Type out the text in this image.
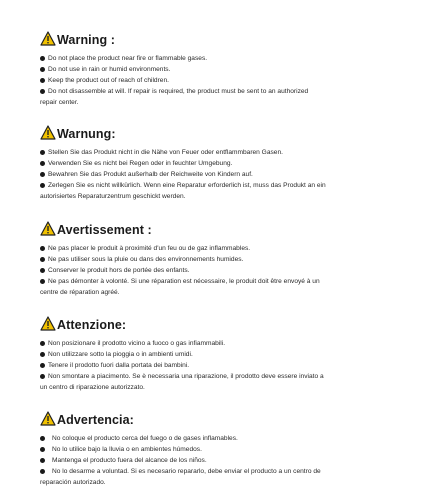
Warning :
Do not place the product near fire or flammable gases.
Do not use in rain or humid environments.
Keep the product out of reach of children.
Do not disassemble at will. If repair is required, the product must be sent to an authorized
repair center.
Warnung:
Stellen Sie das Produkt nicht in die Nähe von Feuer oder entflammbaren Gasen.
Verwenden Sie es nicht bei Regen oder in feuchter Umgebung.
Bewahren Sie das Produkt außerhalb der Reichweite von Kindern auf.
Zerlegen Sie es nicht willkürlich. Wenn eine Reparatur erforderlich ist, muss das Produkt an ein
autorisiertes Reparaturzentrum geschickt werden.
Avertissement :
Ne pas placer le produit à proximité d'un feu ou de gaz inflammables.
Ne pas utiliser sous la pluie ou dans des environnements humides.
Conserver le produit hors de portée des enfants.
Ne pas démonter à volonté. Si une réparation est nécessaire, le produit doit être envoyé à un
centre de réparation agréé.
Attenzione:
Non posizionare il prodotto vicino a fuoco o gas infiammabili.
Non utilizzare sotto la pioggia o in ambienti umidi.
Tenere il prodotto fuori dalla portata dei bambini.
Non smontare a piacimento. Se è necessaria una riparazione, il prodotto deve essere inviato a
un centro di riparazione autorizzato.
Advertencia:
No coloque el producto cerca del fuego o de gases inflamables.
No lo utilice bajo la lluvia o en ambientes húmedos.
Mantenga el producto fuera del alcance de los niños.
No lo desarme a voluntad. Si es necesario repararlo, debe enviar el producto a un centro de
reparación autorizado.
